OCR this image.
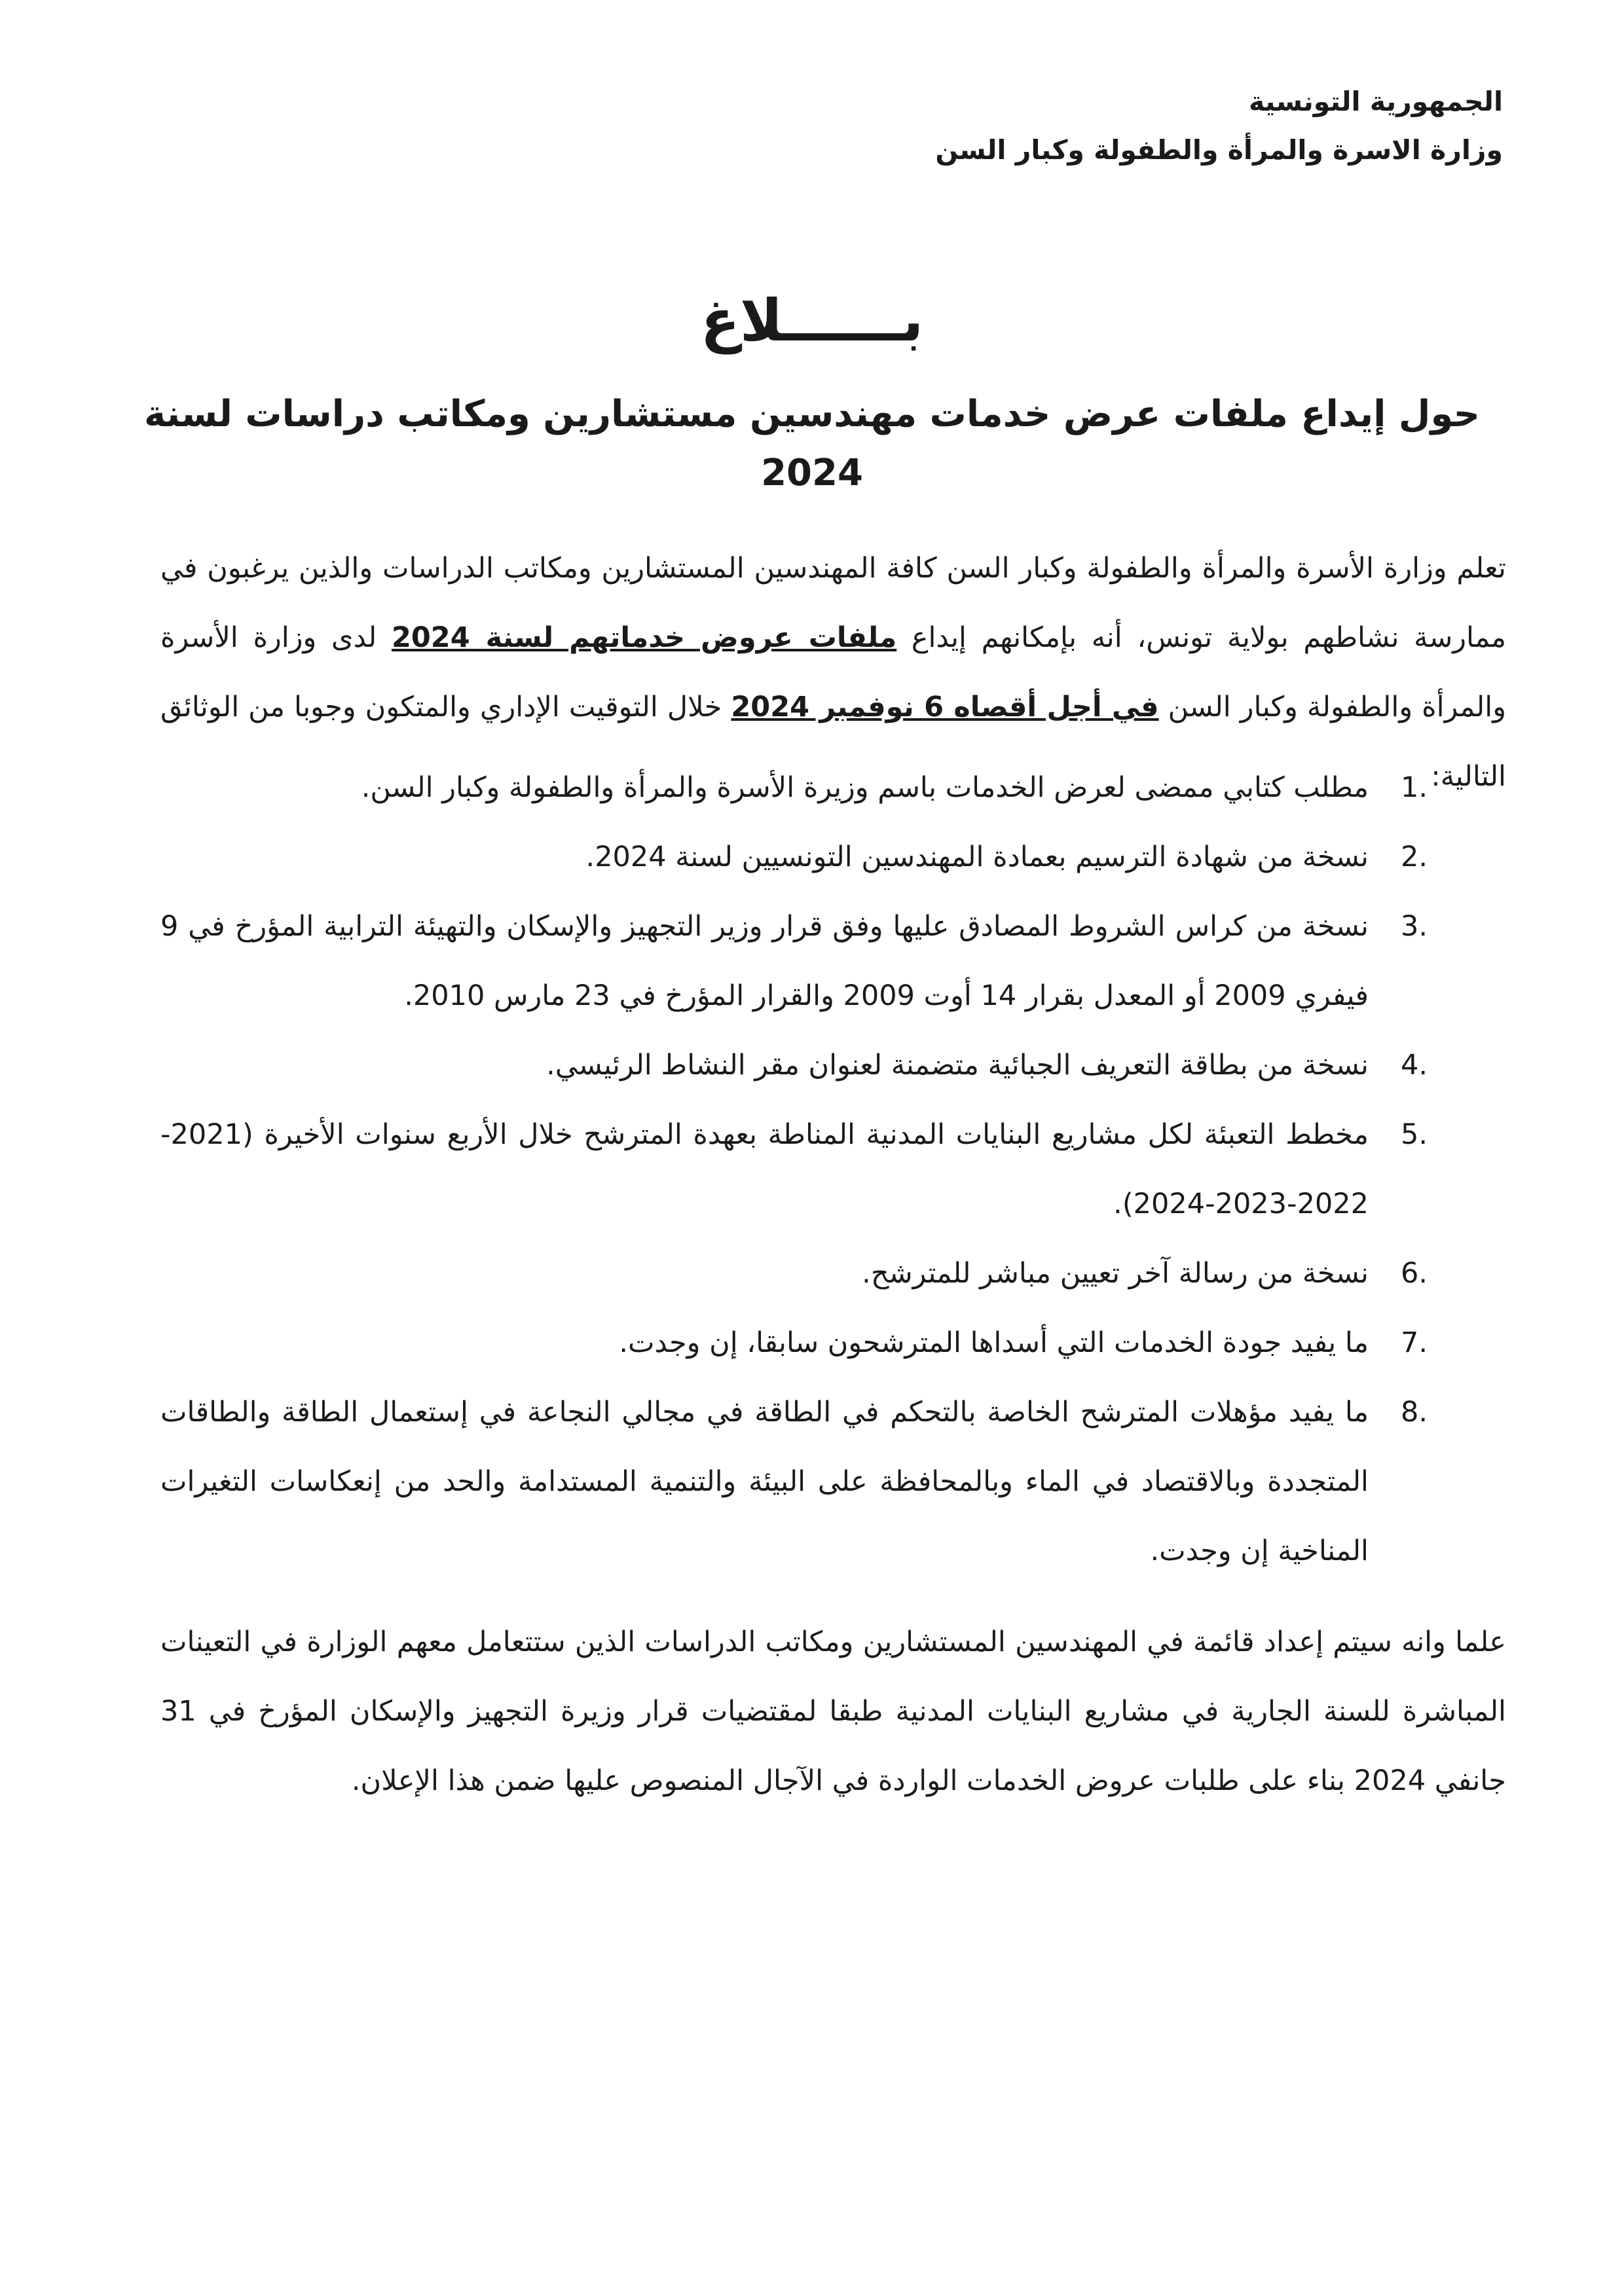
الجمهورية التونسية
وزارة الاسرة والمرأة والطفولة وكبار السن
بــــــلاغ
حول إيداع ملفات عرض خدمات مهندسين مستشارين ومكاتب دراسات لسنة 2024

تعلم وزارة الأسرة والمرأة والطفولة وكبار السن كافة المهندسين المستشارين ومكاتب الدراسات والذين يرغبون في ممارسة نشاطهم بولاية تونس، أنه بإمكانهم إيداع ملفات عروض خدماتهم لسنة 2024 لدى وزارة الأسرة والمرأة والطفولة وكبار السن في أجل أقصاه 6 نوفمبر 2024 خلال التوقيت الإداري والمتكون وجوبا من الوثائق التالية:

1.
مطلب كتابي ممضى لعرض الخدمات باسم وزيرة الأسرة والمرأة والطفولة وكبار السن.
2.
نسخة من شهادة الترسيم بعمادة المهندسين التونسيين لسنة 2024.
3.
نسخة من كراس الشروط المصادق عليها وفق قرار وزير التجهيز والإسكان والتهيئة الترابية المؤرخ في 9 فيفري 2009 أو المعدل بقرار 14 أوت 2009 والقرار المؤرخ في 23 مارس 2010.
4.
نسخة من بطاقة التعريف الجبائية متضمنة لعنوان مقر النشاط الرئيسي.
5.
مخطط التعبئة لكل مشاريع البنايات المدنية المناطة بعهدة المترشح خلال الأربع سنوات الأخيرة (2021-2022-2023-2024).
6.
نسخة من رسالة آخر تعيين مباشر للمترشح.
7.
ما يفيد جودة الخدمات التي أسداها المترشحون سابقا، إن وجدت.
8.
ما يفيد مؤهلات المترشح الخاصة بالتحكم في الطاقة في مجالي النجاعة في إستعمال الطاقة والطاقات المتجددة وبالاقتصاد في الماء وبالمحافظة على البيئة والتنمية المستدامة والحد من إنعكاسات التغيرات المناخية إن وجدت.

علما وانه سيتم إعداد قائمة في المهندسين المستشارين ومكاتب الدراسات الذين ستتعامل معهم الوزارة في التعينات المباشرة للسنة الجارية في مشاريع البنايات المدنية طبقا لمقتضيات قرار وزيرة التجهيز والإسكان المؤرخ في 31 جانفي 2024 بناء على طلبات عروض الخدمات الواردة في الآجال المنصوص عليها ضمن هذا الإعلان.
